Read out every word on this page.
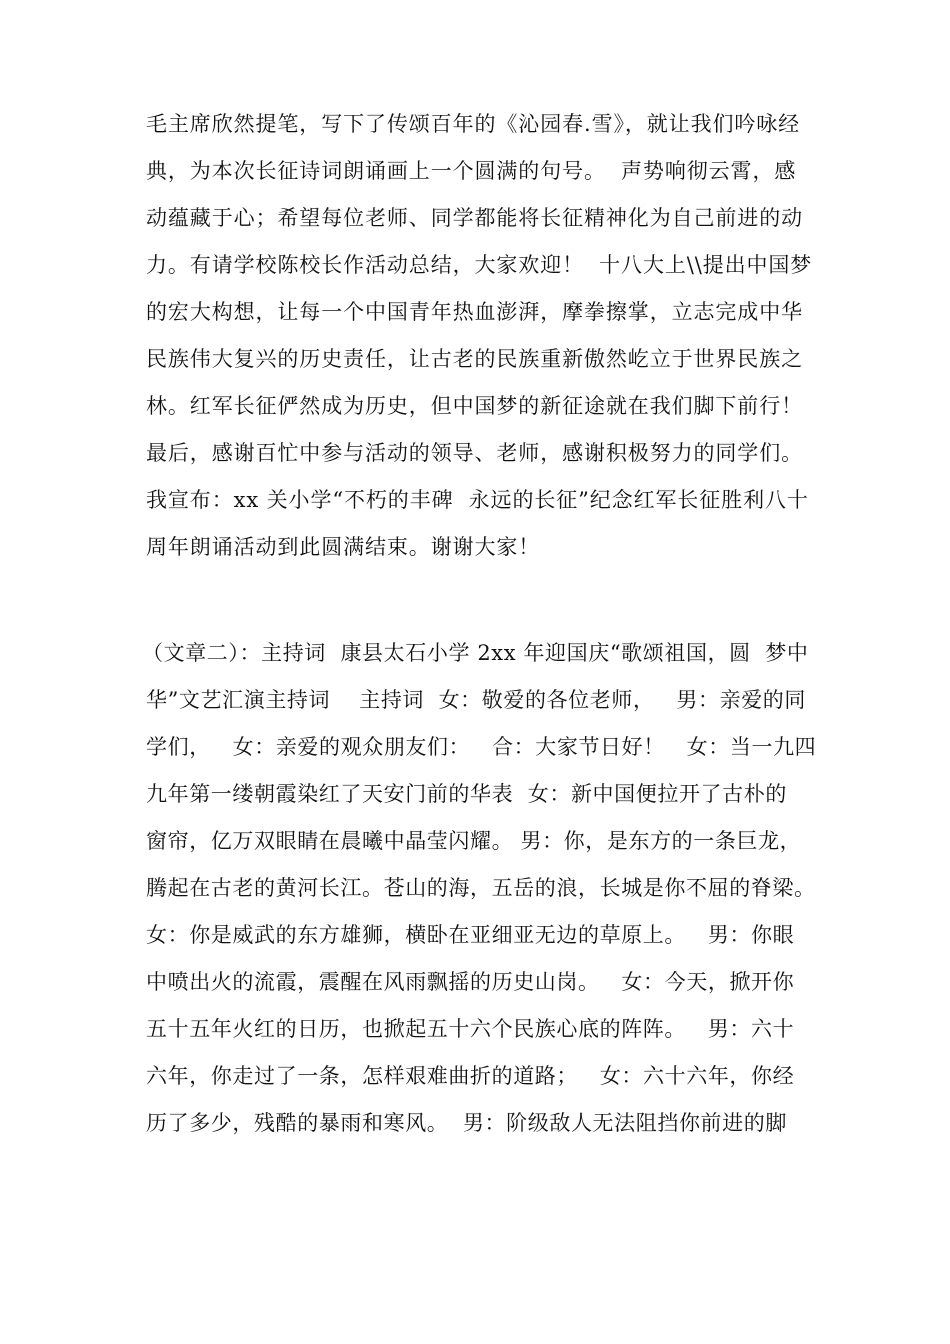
毛主席欣然提笔，写下了传颂百年的《沁园春.雪》，就让我们吟咏经
典，为本次长征诗词朗诵画上一个圆满的句号。  声势响彻云霄，感
动蕴藏于心；希望每位老师、同学都能将长征精神化为自己前进的动
力。有请学校陈校长作活动总结，大家欢迎！  十八大上\\提出中国梦
的宏大构想，让每一个中国青年热血澎湃，摩拳擦掌，立志完成中华
民族伟大复兴的历史责任，让古老的民族重新傲然屹立于世界民族之
林。红军长征俨然成为历史，但中国梦的新征途就在我们脚下前行！
最后，感谢百忙中参与活动的领导、老师，感谢积极努力的同学们。
我宣布：xx 关小学“不朽的丰碑  永远的长征”纪念红军长征胜利八十
周年朗诵活动到此圆满结束。谢谢大家！
（文章二）：主持词  康县太石小学 2xx 年迎国庆“歌颂祖国，圆  梦中
华”文艺汇演主持词    主持词  女：敬爱的各位老师，   男：亲爱的同
学们，   女：亲爱的观众朋友们：   合：大家节日好！   女：当一九四
九年第一缕朝霞染红了天安门前的华表  女：新中国便拉开了古朴的
窗帘，亿万双眼睛在晨曦中晶莹闪耀。 男：你，是东方的一条巨龙，
腾起在古老的黄河长江。苍山的海，五岳的浪，长城是你不屈的脊梁。
女：你是威武的东方雄狮，横卧在亚细亚无边的草原上。   男：你眼
中喷出火的流霞，震醒在风雨飘摇的历史山岗。   女：今天，掀开你
五十五年火红的日历，也掀起五十六个民族心底的阵阵。   男：六十
六年，你走过了一条，怎样艰难曲折的道路；   女：六十六年，你经
历了多少，残酷的暴雨和寒风。  男：阶级敌人无法阻挡你前进的脚
